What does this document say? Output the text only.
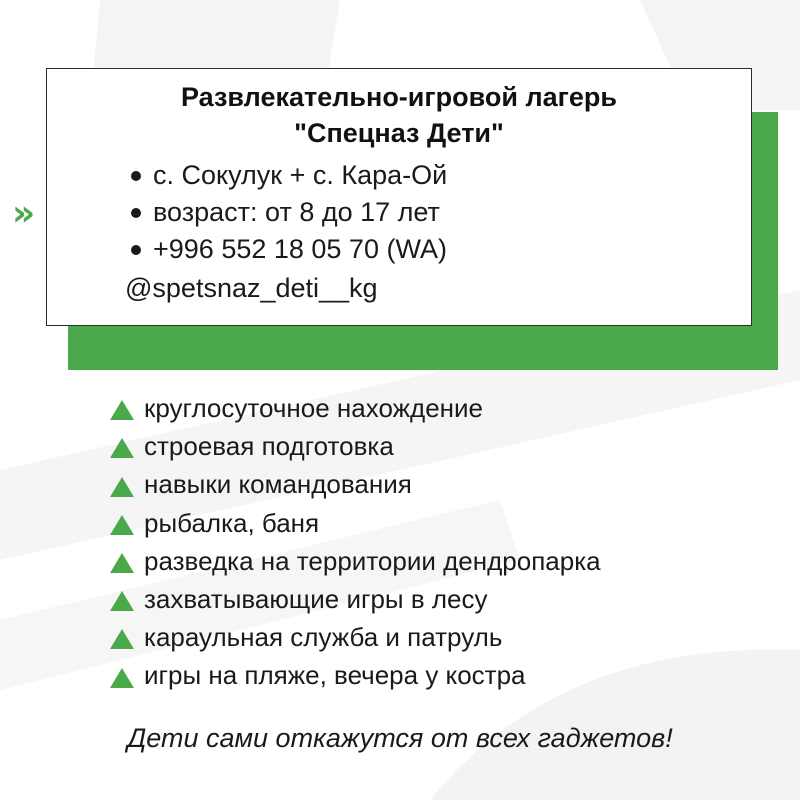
Развлекательно-игровой лагерь
"Спецназ Дети"
с. Сокулук + с. Кара-Ой
возраст: от 8 до 17 лет
+996 552 18 05 70 (WA)
@spetsnaz_deti__kg
»
круглосуточное нахождение
строевая подготовка
навыки командования
рыбалка, баня
разведка на территории дендропарка
захватывающие игры в лесу
караульная служба и патруль
игры на пляже, вечера у костра

Дети сами откажутся от всех гаджетов!
